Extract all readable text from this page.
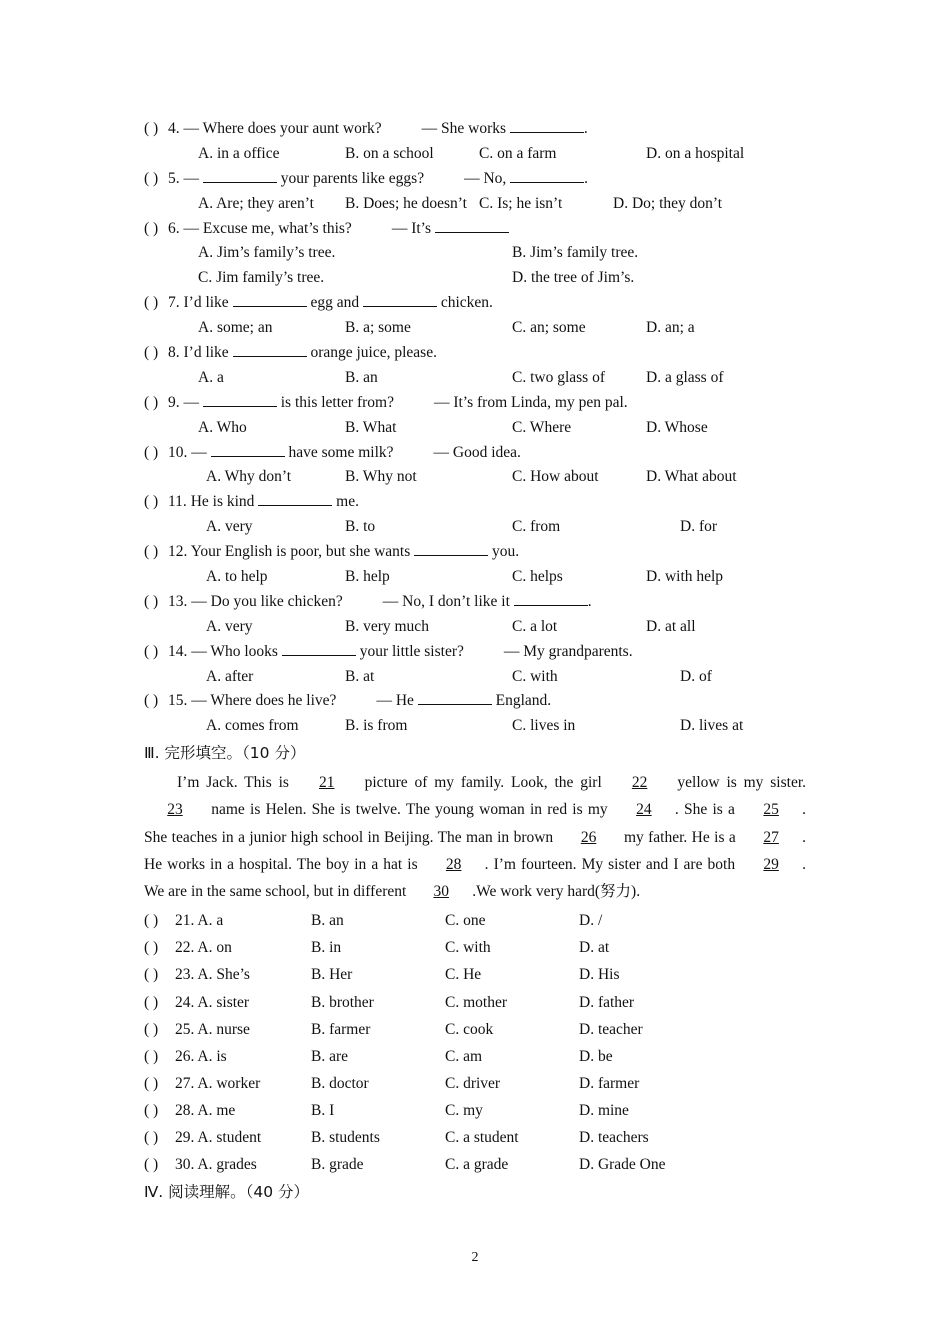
( ) 4. — Where does your aunt work?	— She works	.
A. in a office	B. on a school	C. on a farm	D. on a hospital
( ) 5. —	your parents like eggs?	— No,	.
A. Are; they aren’t B. Does; he doesn’t C. Is; he isn’t	D. Do; they don’t
( ) 6. — Excuse me, what’s this?	— It’s
A. Jim’s family’s tree.	B. Jim’s family tree.
C. Jim family’s tree.	D. the tree of Jim’s.
( ) 7. I’d like	egg and	chicken.
A. some; an	B. a; some	C. an; some	D. an; a
( ) 8. I’d like	orange juice, please.
A. a	B. an	C. two glass of	D. a glass of
( ) 9. —	is this letter from?	— It’s from Linda, my pen pal.
A. Who	B. What	C. Where	D. Whose
( ) 10. —	have some milk?	— Good idea.
A. Why don’t	B. Why not	C. How about	D. What about
( ) 11. He is kind	me.
A. very	B. to	C. from	D. for
( ) 12. Your English is poor, but she wants	you.
A. to help	B. help	C. helps	D. with help
( ) 13. — Do you like chicken?	— No, I don’t like it	.
A. very	B. very much	C. a lot	D. at all
( ) 14. — Who looks	your little sister?	— My grandparents.
A. after	B. at	C. with	D. of
( ) 15. — Where does he live?	— He	England.
A. comes from	B. is from	C. lives in	D. lives at
Ⅲ. 完形填空。（10 分）
I’m Jack. This is 21 picture of my family. Look, the girl 22 yellow is my sister. 23 name is Helen. She is twelve. The young woman in red is my 24 . She is a 25 . She teaches in a junior high school in Beijing. The man in brown 26 my father. He is a 27 . He works in a hospital. The boy in a hat is 28 . I’m fourteen. My sister and I are both 29 . We are in the same school, but in different 30 .We work very hard(努力).
( ) 21. A. a	B. an	C. one	D. /
( ) 22. A. on	B. in	C. with	D. at
( ) 23. A. She’s	B. Her	C. He	D. His
( ) 24. A. sister	B. brother	C. mother	D. father
( ) 25. A. nurse	B. farmer	C. cook	D. teacher
( ) 26. A. is	B. are	C. am	D. be
( ) 27. A. worker	B. doctor	C. driver	D. farmer
( ) 28. A. me	B. I	C. my	D. mine
( ) 29. A. student	B. students	C. a student	D. teachers
( ) 30. A. grades	B. grade	C. a grade	D. Grade One
Ⅳ. 阅读理解。（40 分）
2
